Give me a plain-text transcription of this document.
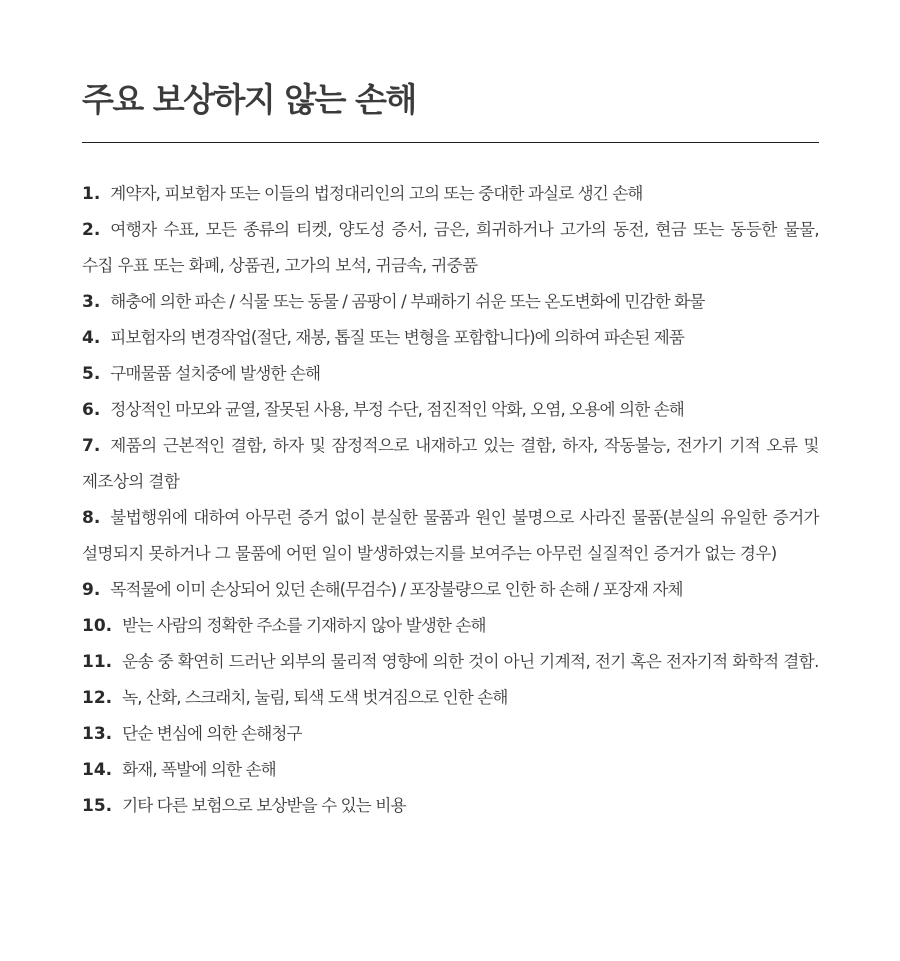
주요 보상하지 않는 손해
1. 계약자, 피보험자 또는 이들의 법정대리인의 고의 또는 중대한 과실로 생긴 손해
2. 여행자 수표, 모든 종류의 티켓, 양도성 증서, 금은, 희귀하거나 고가의 동전, 현금 또는 동등한 물물, 수집 우표 또는 화폐, 상품권, 고가의 보석, 귀금속, 귀중품
3. 해충에 의한 파손 / 식물 또는 동물 / 곰팡이 / 부패하기 쉬운 또는 온도변화에 민감한 화물
4. 피보험자의 변경작업(절단, 재봉, 톱질 또는 변형을 포함합니다)에 의하여 파손된 제품
5. 구매물품 설치중에 발생한 손해
6. 정상적인 마모와 균열, 잘못된 사용, 부정 수단, 점진적인 악화, 오염, 오용에 의한 손해
7. 제품의 근본적인 결함, 하자 및 잠정적으로 내재하고 있는 결함, 하자, 작동불능, 전가기 기적 오류 및 제조상의 결함
8. 불법행위에 대하여 아무런 증거 없이 분실한 물품과 원인 불명으로 사라진 물품(분실의 유일한 증거가 설명되지 못하거나 그 물품에 어떤 일이 발생하였는지를 보여주는 아무런 실질적인 증거가 없는 경우)
9. 목적물에 이미 손상되어 있던 손해(무검수) / 포장불량으로 인한 하 손해 / 포장재 자체
10. 받는 사람의 정확한 주소를 기재하지 않아 발생한 손해
11. 운송 중 확연히 드러난 외부의 물리적 영향에 의한 것이 아닌 기계적, 전기 혹은 전자기적 화학적 결함.
12. 녹, 산화, 스크래치, 눌림, 퇴색 도색 벗겨짐으로 인한 손해
13. 단순 변심에 의한 손해청구
14. 화재, 폭발에 의한 손해
15. 기타 다른 보험으로 보상받을 수 있는 비용
